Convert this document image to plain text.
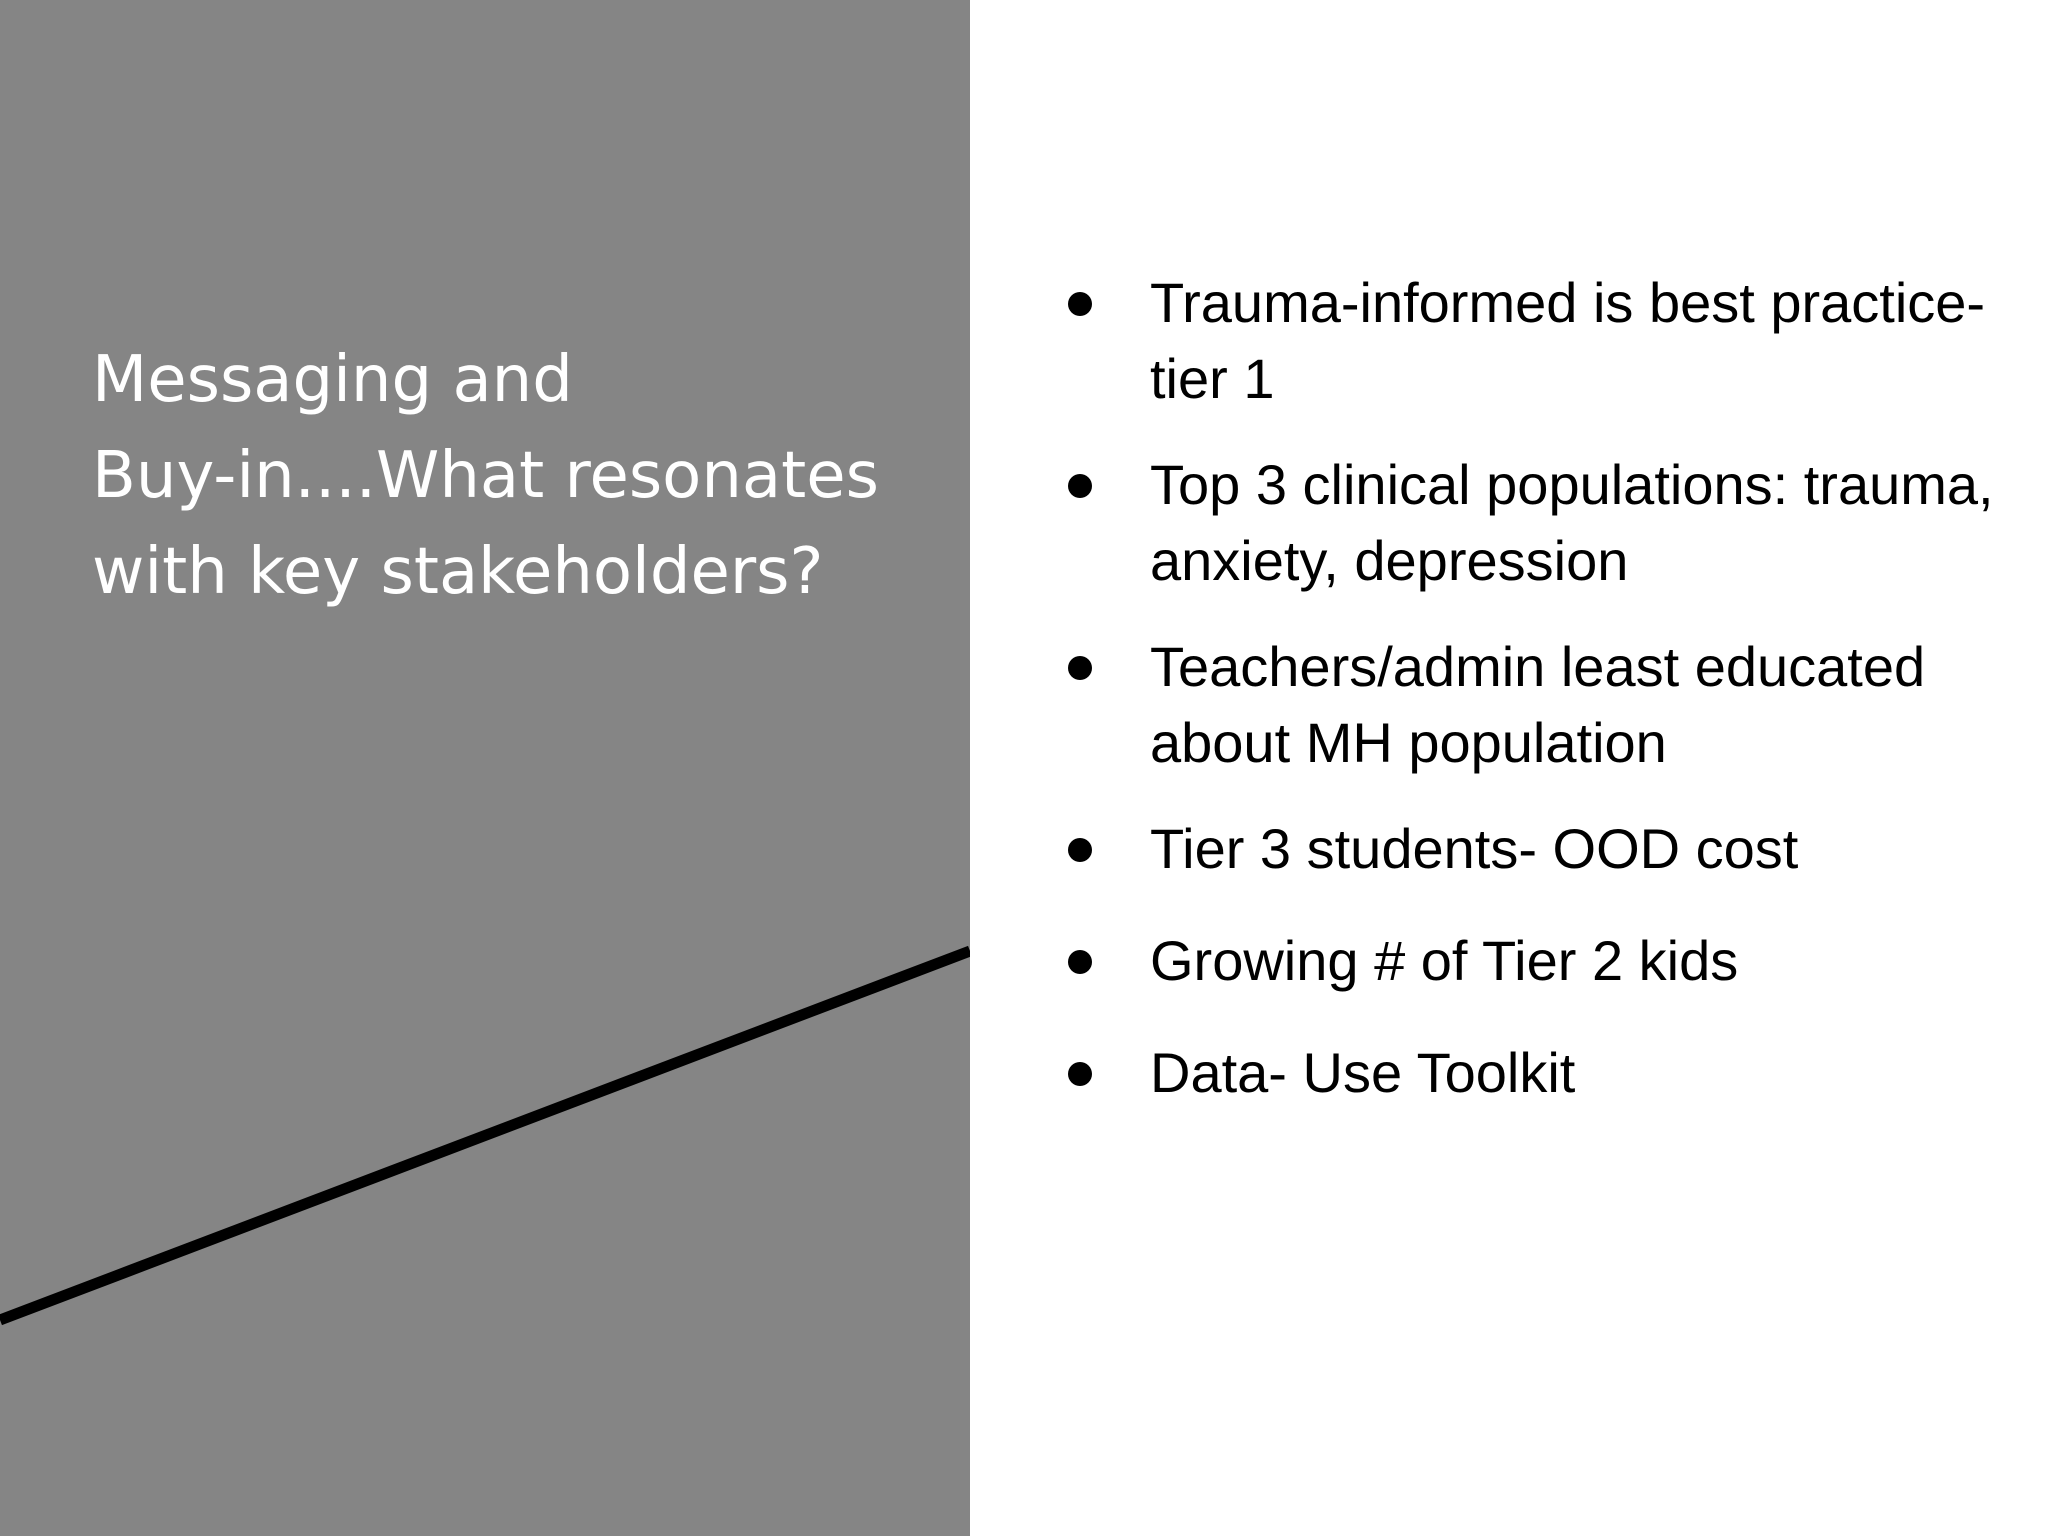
Messaging and
Buy-in....What resonates
with key stakeholders?
Trauma-informed is best practice- tier 1
Top 3 clinical populations: trauma, anxiety, depression
Teachers/admin least educated about MH population
Tier 3 students- OOD cost
Growing # of Tier 2 kids
Data- Use Toolkit
